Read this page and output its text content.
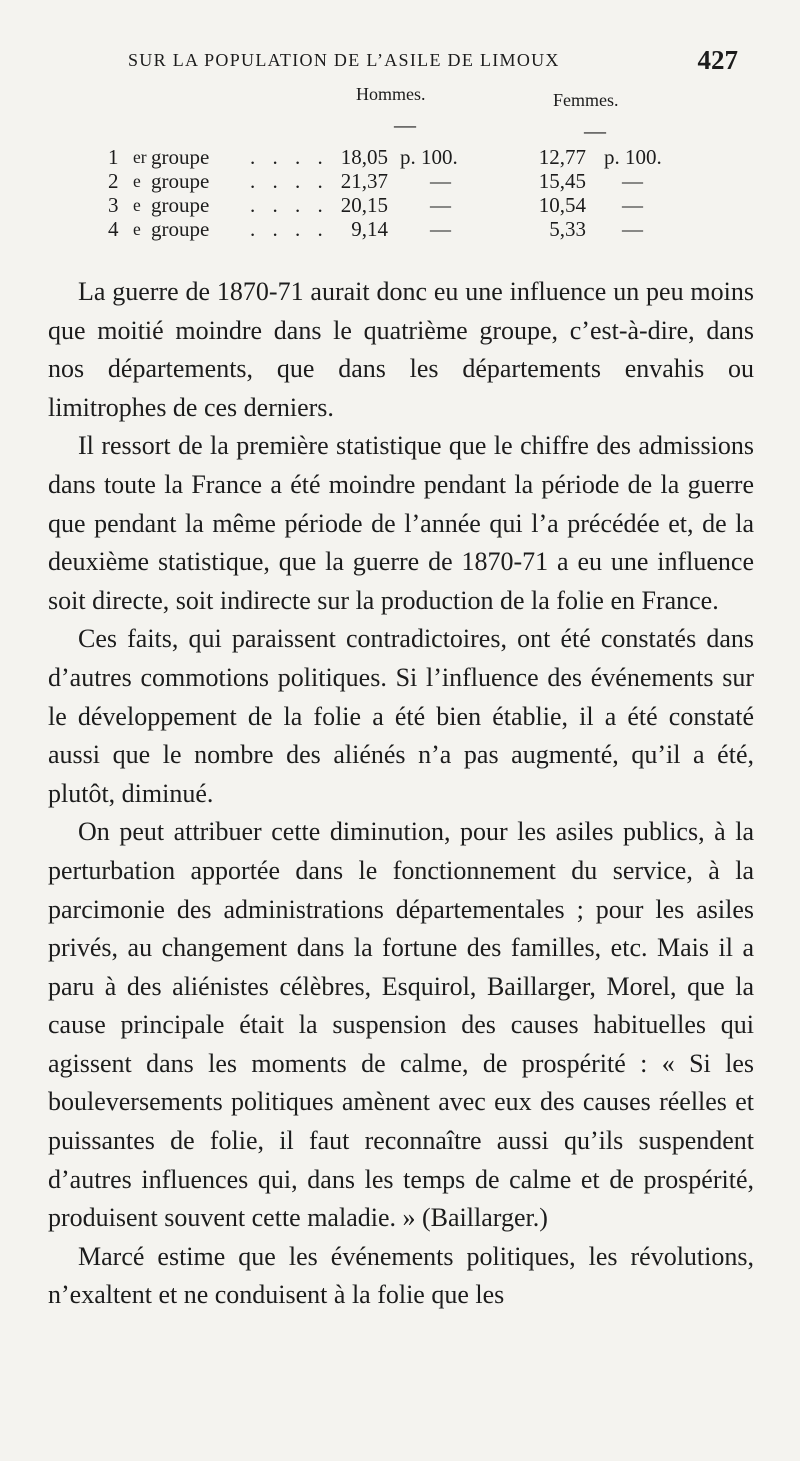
SUR LA POPULATION DE L’ASILE DE LIMOUX	427
Hommes.	Femmes.
—	—
1 er groupe . . . . 18,05 p. 100.	12,77 p. 100.
2 e groupe . . . . 21,37 —	15,45 —
3 e groupe . . . . 20,15 —	10,54 —
4 e groupe . . . .	9,14 —	5,33 —

La guerre de 1870-71 aurait donc eu une influence un peu moins que moitié moindre dans le quatrième groupe, c’est-à-dire, dans nos départements, que dans les départements envahis ou limitrophes de ces derniers.

Il ressort de la première statistique que le chiffre des admissions dans toute la France a été moindre pendant la période de la guerre que pendant la même période de l’année qui l’a précédée et, de la deuxième statistique, que la guerre de 1870-71 a eu une influence soit directe, soit indirecte sur la production de la folie en France.

Ces faits, qui paraissent contradictoires, ont été constatés dans d’autres commotions politiques. Si l’influence des événements sur le développement de la folie a été bien établie, il a été constaté aussi que le nombre des aliénés n’a pas augmenté, qu’il a été, plutôt, diminué.

On peut attribuer cette diminution, pour les asiles publics, à la perturbation apportée dans le fonctionnement du service, à la parcimonie des administrations départementales ; pour les asiles privés, au changement dans la fortune des familles, etc. Mais il a paru à des aliénistes célèbres, Esquirol, Baillarger, Morel, que la cause principale était la suspension des causes habituelles qui agissent dans les moments de calme, de prospérité : « Si les bouleversements politiques amènent avec eux des causes réelles et puissantes de folie, il faut reconnaître aussi qu’ils suspendent d’autres influences qui, dans les temps de calme et de prospérité, produisent souvent cette maladie. » (Baillarger.)

Marcé estime que les événements politiques, les révolutions, n’exaltent et ne conduisent à la folie que les
